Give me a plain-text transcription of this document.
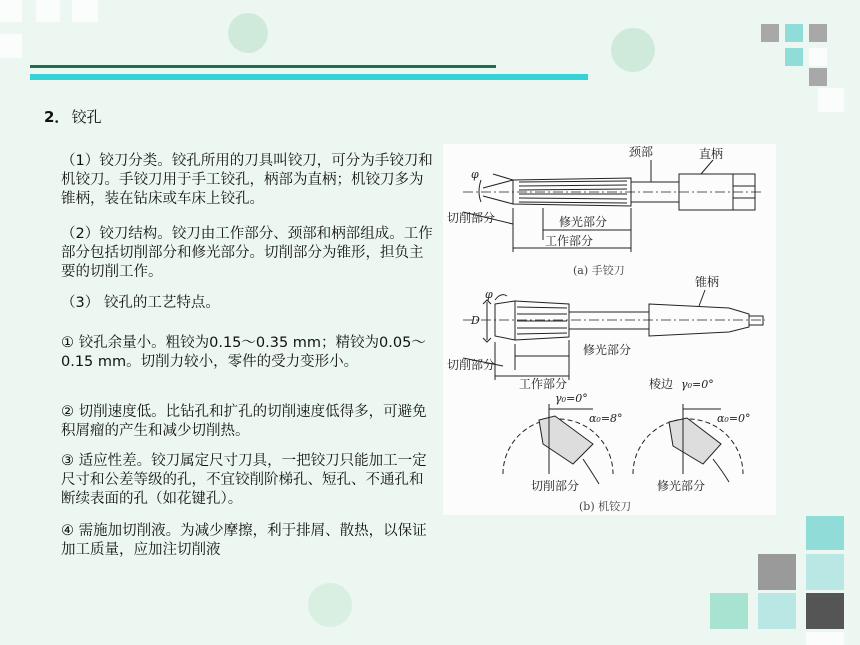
2． 铰孔

（1）铰刀分类。铰孔所用的刀具叫铰刀，可分为手铰刀和机铰刀。手铰刀用于手工铰孔，柄部为直柄；机铰刀多为锥柄，装在钻床或车床上铰孔。

（2）铰刀结构。铰刀由工作部分、颈部和柄部组成。工作部分包括切削部分和修光部分。切削部分为锥形，担负主要的切削工作。

（3） 铰孔的工艺特点。

① 铰孔余量小。粗铰为0.15～0.35 mm；精铰为0.05～0.15 mm。切削力较小，零件的受力变形小。

② 切削速度低。比钻孔和扩孔的切削速度低得多，可避免积屑瘤的产生和减少切削热。

③ 适应性差。铰刀属定尺寸刀具，一把铰刀只能加工一定尺寸和公差等级的孔，不宜铰削阶梯孔、短孔、不通孔和断续表面的孔（如花键孔）。

④ 需施加切削液。为减少摩擦，利于排屑、散热，以保证加工质量，应加注切削液

颈部	直柄
φ
切削部分	修光部分
工作部分
(a) 手铰刀
锥柄
φ
D
修光部分
切削部分
工作部分	棱边
γ₀=0°
γ₀=0°
α₀=8°	α₀=0°
切削部分	修光部分
(b) 机铰刀
